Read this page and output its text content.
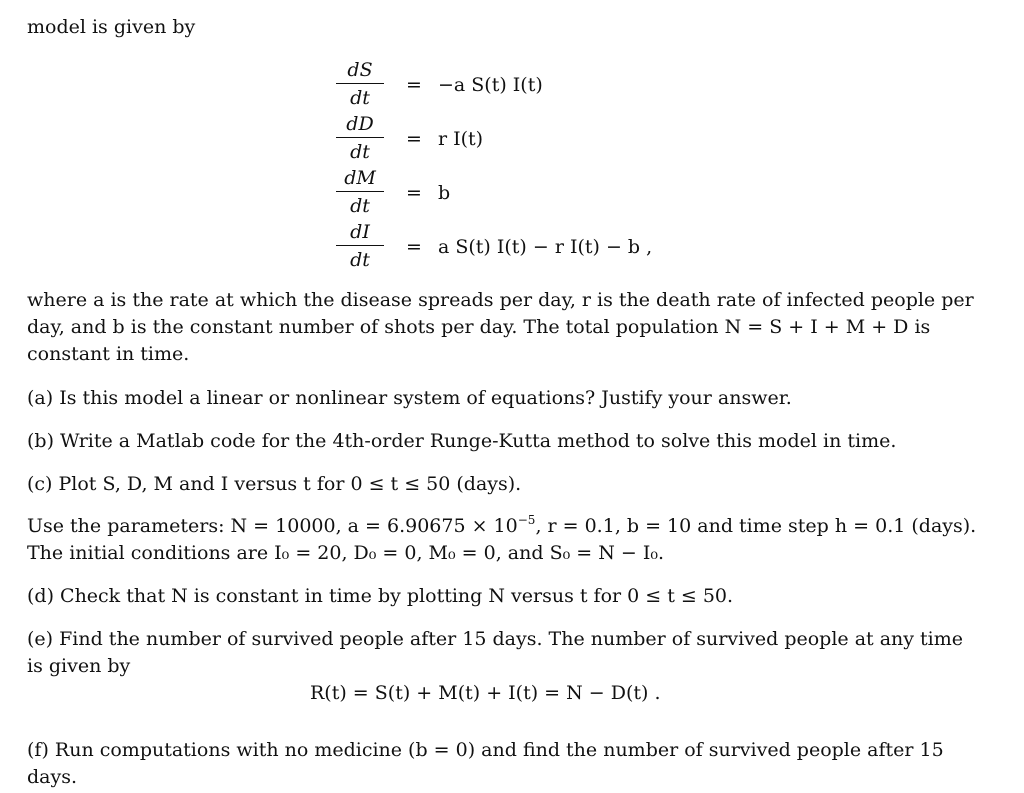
model is given by
dS
dt
= −a S(t) I(t)
dD
dt
= r I(t)
dM
dt
= b
dI
dt
= a S(t) I(t) − r I(t) − b ,
where a is the rate at which the disease spreads per day, r is the death rate of infected people per day, and b is the constant number of shots per day. The total population N = S + I + M + D is constant in time.
(a) Is this model a linear or nonlinear system of equations? Justify your answer.
(b) Write a Matlab code for the 4th-order Runge-Kutta method to solve this model in time.
(c) Plot S, D, M and I versus t for 0 ≤ t ≤ 50 (days).
Use the parameters: N = 10000, $a = 6.90675 \times 10^{-5}$, r = 0.1, b = 10 and time step h = 0.1 (days).
The initial conditions are I₀ = 20, D₀ = 0, M₀ = 0, and S₀ = N − I₀.
(d) Check that N is constant in time by plotting N versus t for 0 ≤ t ≤ 50.
(e) Find the number of survived people after 15 days. The number of survived people at any time is given by
R(t) = S(t) + M(t) + I(t) = N − D(t) .
(f) Run computations with no medicine (b = 0) and find the number of survived people after 15 days.
